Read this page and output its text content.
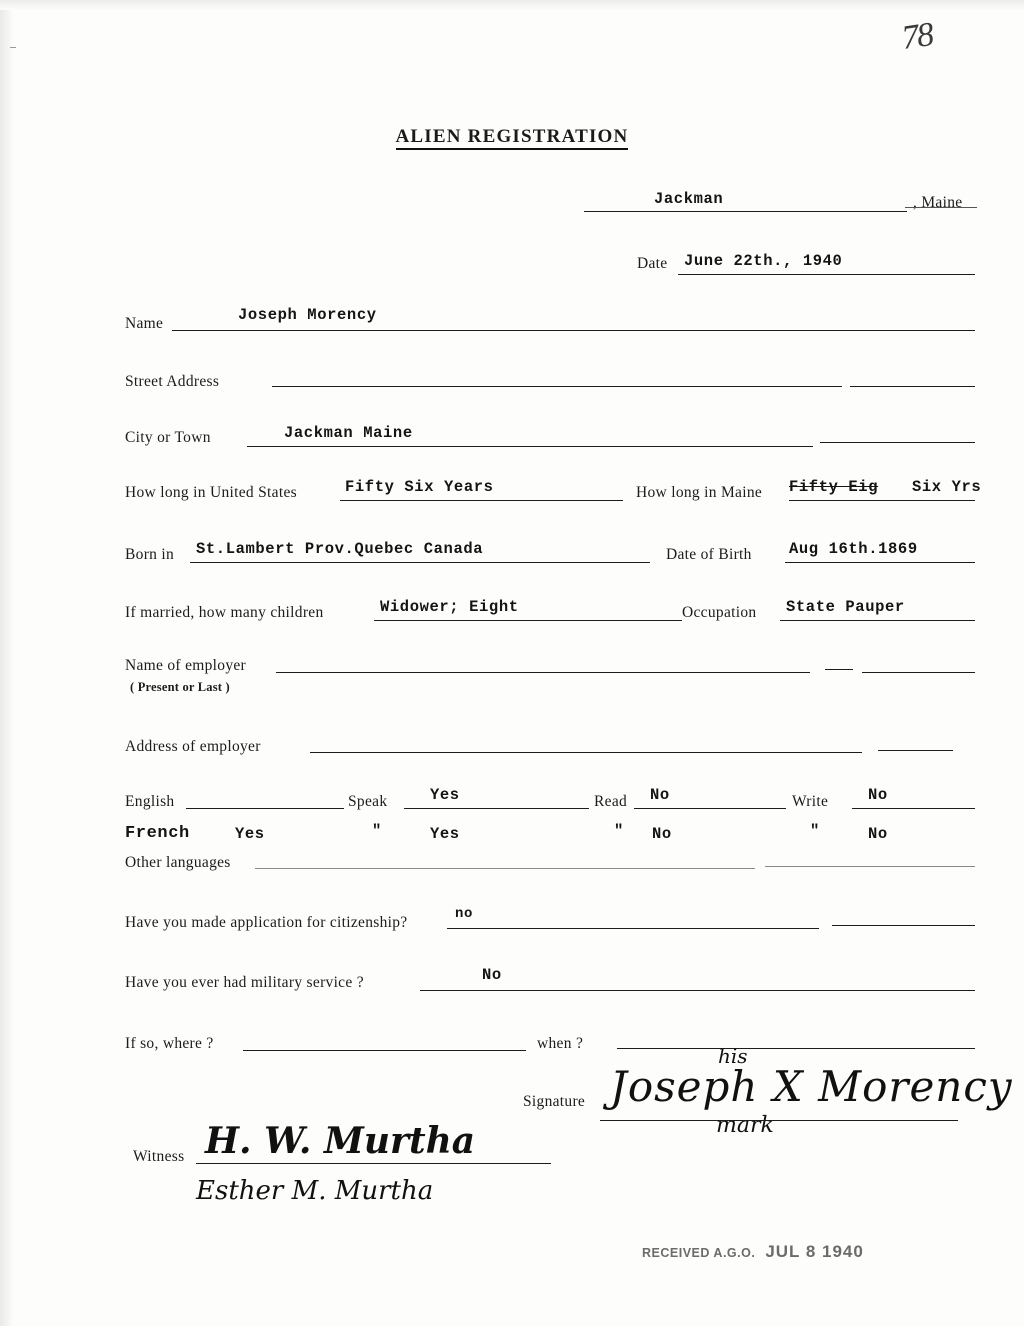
78
ALIEN REGISTRATION
Jackman	, Maine
Date June 22th., 1940
Name	Joseph Morency
Street Address
City or Town	Jackman Maine
How long in United States	Fifty Six Years	How long in Maine Fifty Eig Six Yrs
Born in St.Lambert Prov.Quebec Canada	Date of Birth Aug 16th.1869
If married, how many children	Widower; Eight	Occupation State Pauper
Name of employer
( Present or Last )
Address of employer
English	Speak	Yes	Read No	Write	No
French	Yes	"	Yes	" No	"	No
Other languages
Have you made application for citizenship?	no
Have you ever had military service ?	No
If so, where ?	when ?
Signature Joseph X Morency
his
mark
Witness H. W. Murtha
Esther M. Murtha
RECEIVED A.G.O. JUL 8 1940
